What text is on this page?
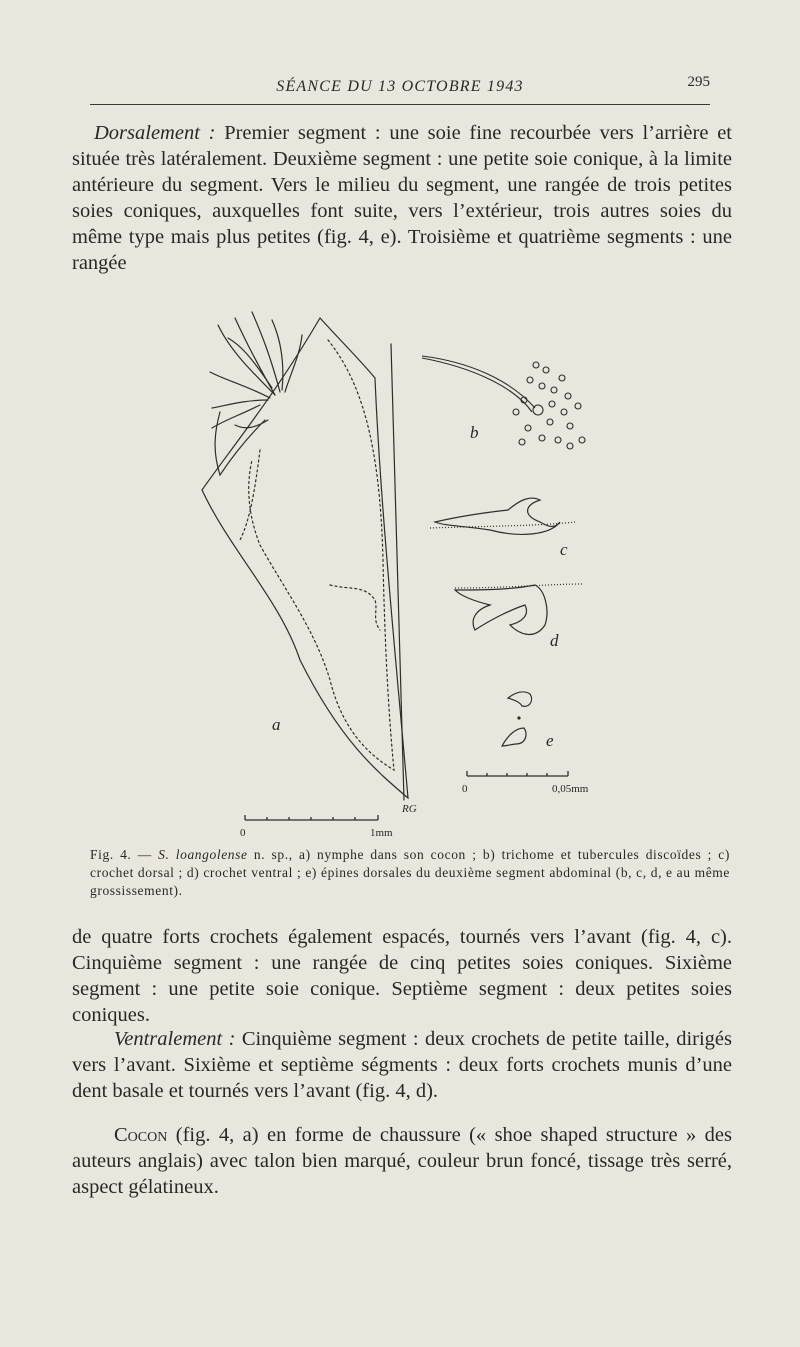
SÉANCE DU 13 OCTOBRE 1943	295

Dorsalement : Premier segment : une soie fine recourbée vers l’arrière et située très latéralement. Deuxième segment : une petite soie conique, à la limite antérieure du segment. Vers le milieu du segment, une rangée de trois petites soies coniques, auxquelles font suite, vers l’extérieur, trois autres soies du même type mais plus petites (fig. 4, e). Troisième et quatrième segments : une rangée

a
b
c
d
e
0	1mm
0	0,05mm
RG

Fig. 4. — S. loangolense n. sp., a) nymphe dans son cocon ; b) trichome et tubercules discoïdes ; c) crochet dorsal ; d) crochet ventral ; e) épines dorsales du deuxième segment abdominal (b, c, d, e au même grossissement).

de quatre forts crochets également espacés, tournés vers l’avant (fig. 4, c). Cinquième segment : une rangée de cinq petites soies coniques. Sixième segment : une petite soie conique. Septième segment : deux petites soies coniques.

Ventralement : Cinquième segment : deux crochets de petite taille, dirigés vers l’avant. Sixième et septième ségments : deux forts crochets munis d’une dent basale et tournés vers l’avant (fig. 4, d).

Cocon (fig. 4, a) en forme de chaussure (« shoe shaped structure » des auteurs anglais) avec talon bien marqué, couleur brun foncé, tissage très serré, aspect gélatineux.
